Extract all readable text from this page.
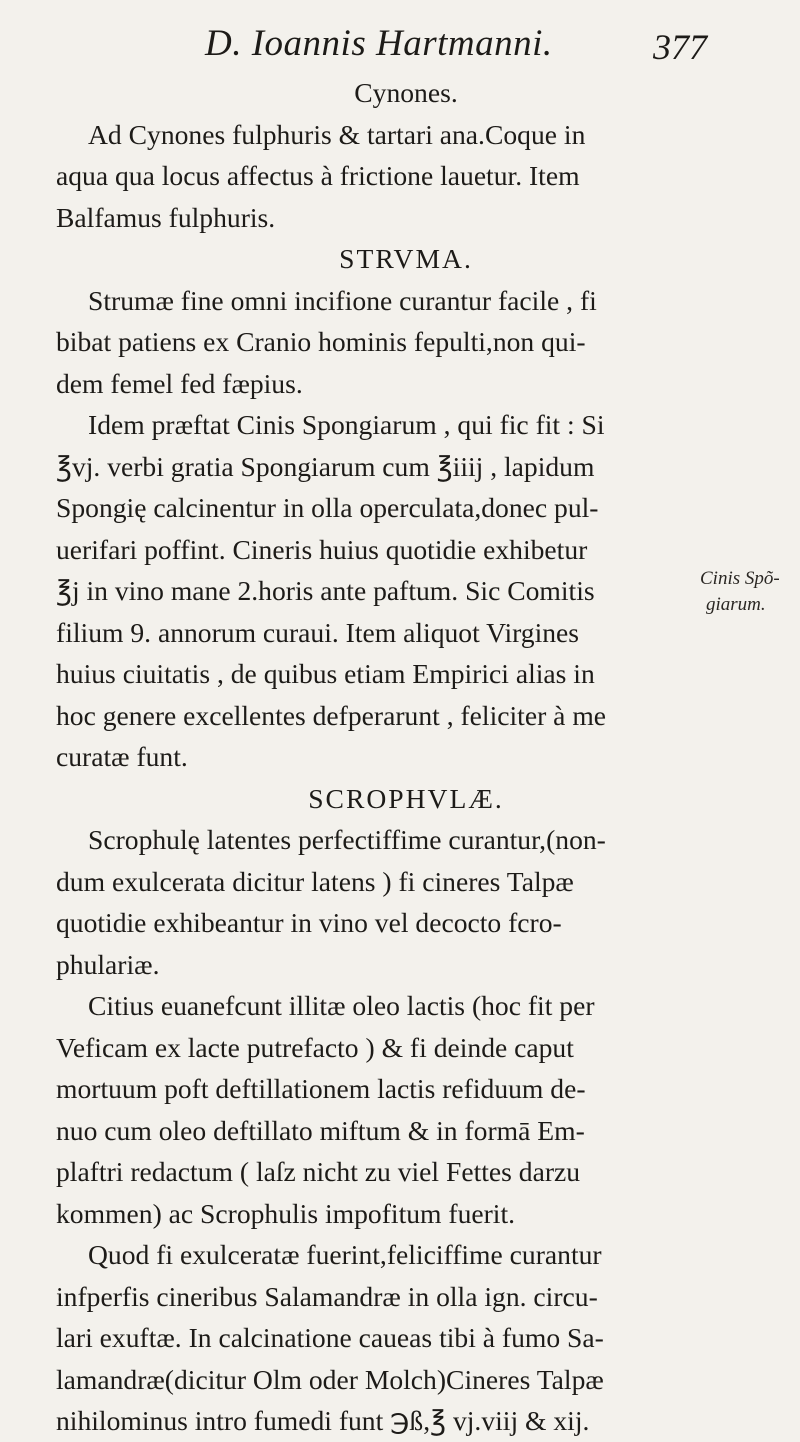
D. Ioannis Hartmanni.	377
Cynones.
Ad Cynones fulphuris & tartari ana.Coque in
aqua qua locus affectus à frictione lauetur. Item
Balfamus fulphuris.
STRVMA.
Strumæ fine omni incifione curantur facile , fi
bibat patiens ex Cranio hominis fepulti,non qui-
dem femel fed fæpius.
Idem præftat Cinis Spongiarum , qui fic fit : Si
℥vj. verbi gratia Spongiarum cum ℥iiij , lapidum
Spongię calcinentur in olla operculata,donec pul-
uerifari poffint. Cineris huius quotidie exhibetur
℥j in vino mane 2.horis ante paftum. Sic Comitis
filium 9. annorum curaui. Item aliquot Virgines
huius ciuitatis , de quibus etiam Empirici alias in
hoc genere excellentes defperarunt , feliciter à me
curatæ funt.
SCROPHVLÆ.
Scrophulę latentes perfectiffime curantur,(non-
dum exulcerata dicitur latens ) fi cineres Talpæ
quotidie exhibeantur in vino vel decocto fcro-
phulariæ.
Citius euanefcunt illitæ oleo lactis (hoc fit per
Veficam ex lacte putrefacto ) & fi deinde caput
mortuum poft deftillationem lactis refiduum de-
nuo cum oleo deftillato miftum & in formā Em-
plaftri redactum ( laſz nicht zu viel Fettes darzu
kommen) ac Scrophulis impofitum fuerit.
Quod fi exulceratæ fuerint,feliciffime curantur
infperfis cineribus Salamandræ in olla ign. circu-
lari exuftæ. In calcinatione caueas tibi à fumo Sa-
lamandræ(dicitur Olm oder Molch)Cineres Talpæ
nihilominus intro fumedi funt ℈ß,℥ vj.viij & xij.
Cinis Spõ-
giarum.
